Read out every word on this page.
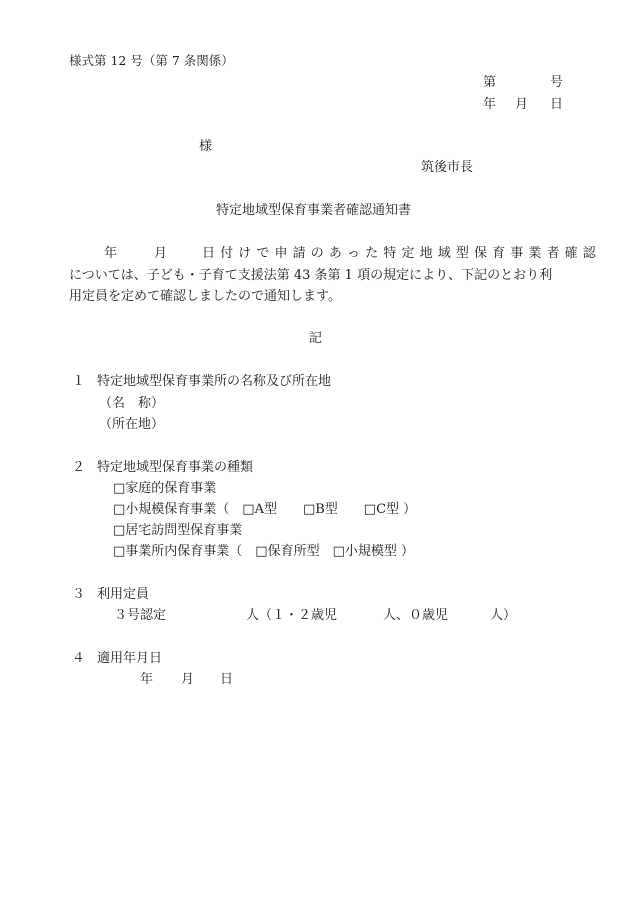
様式第 12 号（第 7 条関係）
第	号
年 月 日
様
筑後市長
特定地域型保育事業者確認通知書
年	月	日 付 け で 申 請 の あ っ た 特 定 地 域 型 保 育 事 業 者 確 認
については、子ども・子育て支援法第 43 条第 1 項の規定により、下記のとおり利
用定員を定めて確認しましたので通知します。
記
１ 特定地域型保育事業所の名称及び所在地
（名　称）
（所在地）
２ 特定地域型保育事業の種類
□家庭的保育事業
□小規模保育事業（　□A型　　□B型　　□C型 ）
□居宅訪問型保育事業
□事業所内保育事業（　□保育所型　□小規模型 ）
３ 利用定員
３号認定	人（１・２歳児	人、０歳児	人）
４ 適用年月日
年 月 日
